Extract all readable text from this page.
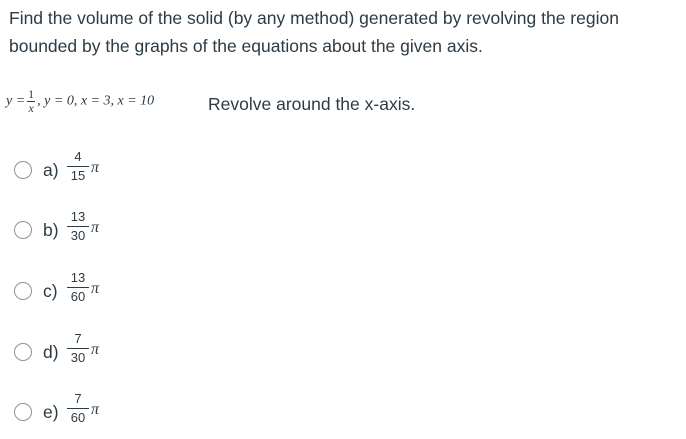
Find the volume of the solid (by any method) generated by revolving the region bounded by the graphs of the equations about the given axis.
$y = \frac{1}{x}$ , y = 0, x = 3, x = 10	Revolve around the x-axis.
a)
4
15 π
b)
13
30 π
c)
13
60 π
d)
7
30 π
e)
7
60 π
